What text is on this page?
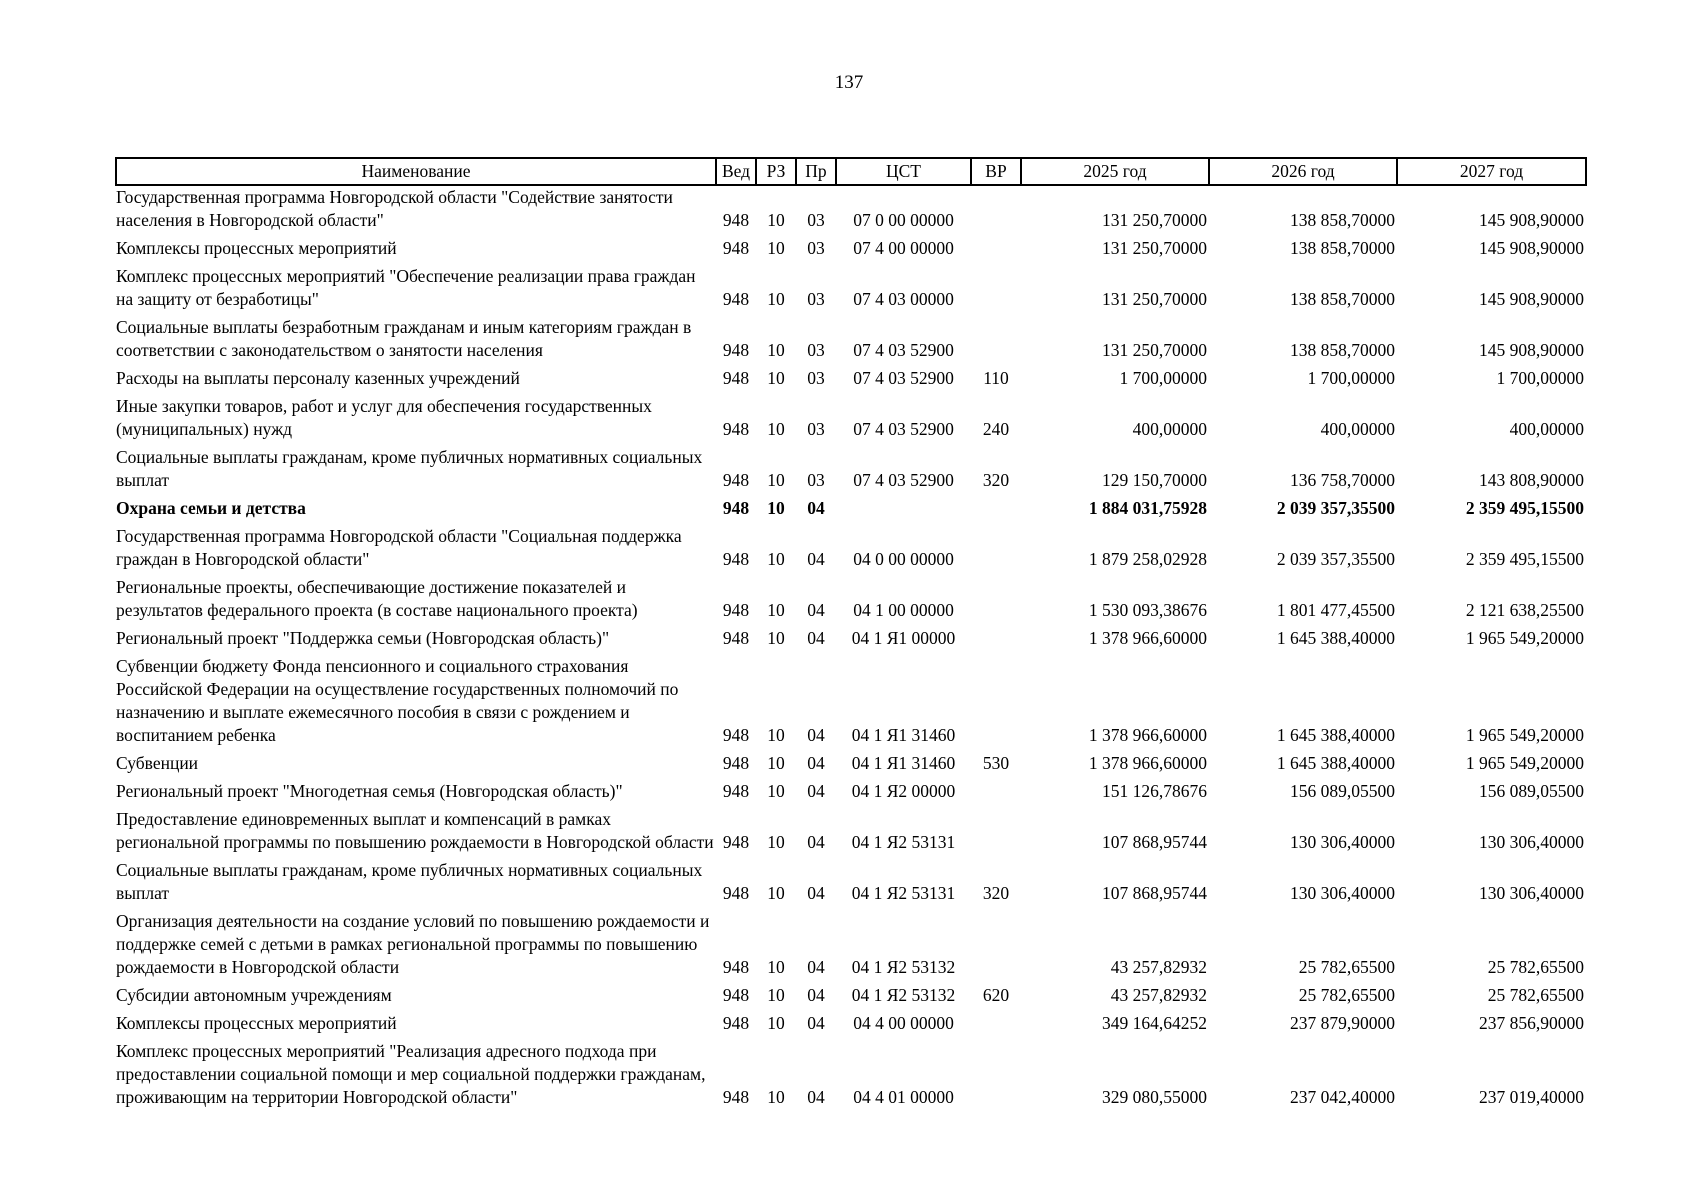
137
Наименование	Вед	РЗ	Пр	ЦСТ	ВР	2025 год	2026 год	2027 год
Государственная программа Новгородской области "Содействие занятости населения в Новгородской области"	948	10	03	07 0 00 00000		131 250,70000	138 858,70000	145 908,90000
Комплексы процессных мероприятий	948	10	03	07 4 00 00000		131 250,70000	138 858,70000	145 908,90000
Комплекс процессных мероприятий "Обеспечение реализации права граждан на защиту от безработицы"	948	10	03	07 4 03 00000		131 250,70000	138 858,70000	145 908,90000
Социальные выплаты безработным гражданам и иным категориям граждан в соответствии с законодательством о занятости населения	948	10	03	07 4 03 52900		131 250,70000	138 858,70000	145 908,90000
Расходы на выплаты персоналу казенных учреждений	948	10	03	07 4 03 52900	110	1 700,00000	1 700,00000	1 700,00000
Иные закупки товаров, работ и услуг для обеспечения государственных (муниципальных) нужд	948	10	03	07 4 03 52900	240	400,00000	400,00000	400,00000
Социальные выплаты гражданам, кроме публичных нормативных социальных выплат	948	10	03	07 4 03 52900	320	129 150,70000	136 758,70000	143 808,90000
Охрана семьи и детства	948	10	04			1 884 031,75928	2 039 357,35500	2 359 495,15500
Государственная программа Новгородской области "Социальная поддержка граждан в Новгородской области"	948	10	04	04 0 00 00000		1 879 258,02928	2 039 357,35500	2 359 495,15500
Региональные проекты, обеспечивающие достижение показателей и результатов федерального проекта (в составе национального проекта)	948	10	04	04 1 00 00000		1 530 093,38676	1 801 477,45500	2 121 638,25500
Региональный проект "Поддержка семьи (Новгородская область)"	948	10	04	04 1 Я1 00000		1 378 966,60000	1 645 388,40000	1 965 549,20000
Субвенции бюджету Фонда пенсионного и социального страхования Российской Федерации на осуществление государственных полномочий по назначению и выплате ежемесячного пособия в связи с рождением и воспитанием ребенка	948	10	04	04 1 Я1 31460		1 378 966,60000	1 645 388,40000	1 965 549,20000
Субвенции	948	10	04	04 1 Я1 31460	530	1 378 966,60000	1 645 388,40000	1 965 549,20000
Региональный проект "Многодетная семья (Новгородская область)"	948	10	04	04 1 Я2 00000		151 126,78676	156 089,05500	156 089,05500
Предоставление единовременных выплат и компенсаций в рамках региональной программы по повышению рождаемости в Новгородской области	948	10	04	04 1 Я2 53131		107 868,95744	130 306,40000	130 306,40000
Социальные выплаты гражданам, кроме публичных нормативных социальных выплат	948	10	04	04 1 Я2 53131	320	107 868,95744	130 306,40000	130 306,40000
Организация деятельности на создание условий по повышению рождаемости и поддержке семей с детьми в рамках региональной программы по повышению рождаемости в Новгородской области	948	10	04	04 1 Я2 53132		43 257,82932	25 782,65500	25 782,65500
Субсидии автономным учреждениям	948	10	04	04 1 Я2 53132	620	43 257,82932	25 782,65500	25 782,65500
Комплексы процессных мероприятий	948	10	04	04 4 00 00000		349 164,64252	237 879,90000	237 856,90000
Комплекс процессных мероприятий "Реализация адресного подхода при предоставлении социальной помощи и мер социальной поддержки гражданам, проживающим на территории Новгородской области"	948	10	04	04 4 01 00000		329 080,55000	237 042,40000	237 019,40000
